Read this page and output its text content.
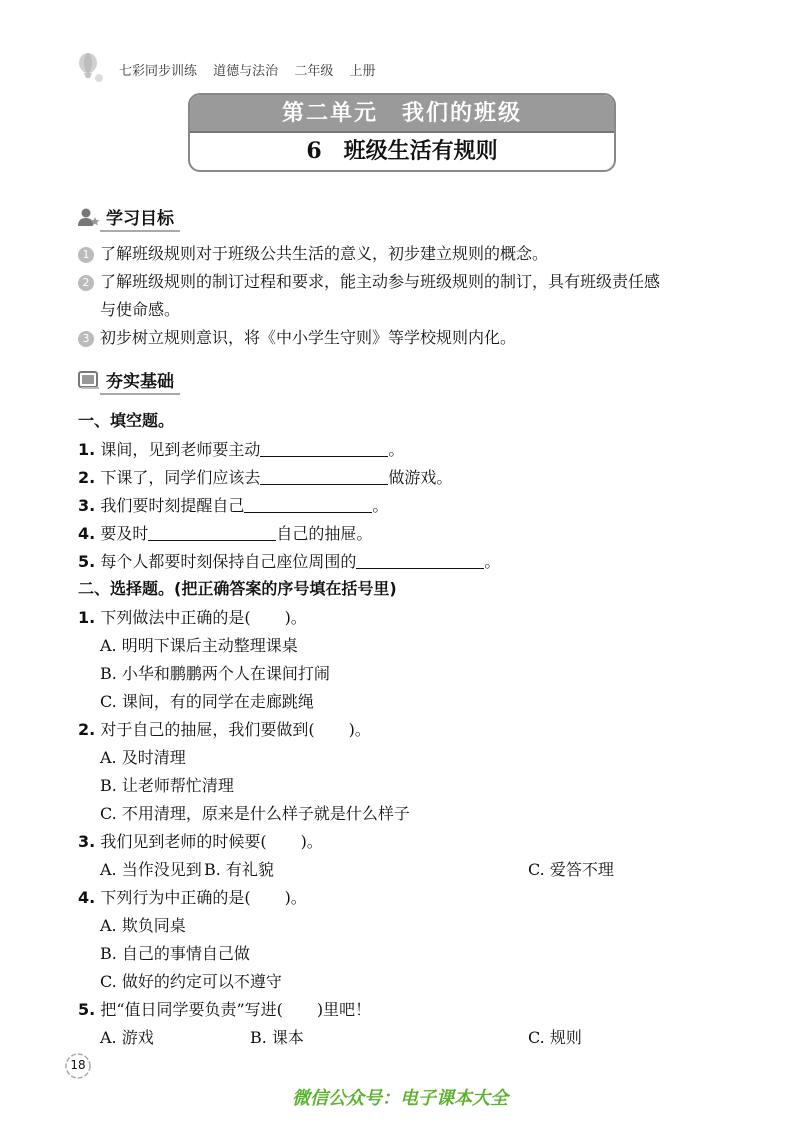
七彩同步训练 道德与法治 二年级 上册
第二单元　我们的班级
6　班级生活有规则
学习目标
1 了解班级规则对于班级公共生活的意义，初步建立规则的概念。
2 了解班级规则的制订过程和要求，能主动参与班级规则的制订，具有班级责任感
与使命感。
3 初步树立规则意识，将《中小学生守则》等学校规则内化。
夯实基础
一、填空题。
1. 课间，见到老师要主动	。
2. 下课了，同学们应该去	做游戏。
3. 我们要时刻提醒自己	。
4. 要及时	自己的抽屉。
5. 每个人都要时刻保持自己座位周围的	。
二、选择题。(把正确答案的序号填在括号里)
1. 下列做法中正确的是( )。
A. 明明下课后主动整理课桌
B. 小华和鹏鹏两个人在课间打闹
C. 课间，有的同学在走廊跳绳
2. 对于自己的抽屉，我们要做到( )。
A. 及时清理
B. 让老师帮忙清理
C. 不用清理，原来是什么样子就是什么样子
3. 我们见到老师的时候要( )。
A. 当作没见到 B. 有礼貌	C. 爱答不理
4. 下列行为中正确的是( )。
A. 欺负同桌
B. 自己的事情自己做
C. 做好的约定可以不遵守
5. 把“值日同学要负责”写进( )里吧！
A. 游戏	B. 课本	C. 规则
18
微信公众号：电子课本大全
